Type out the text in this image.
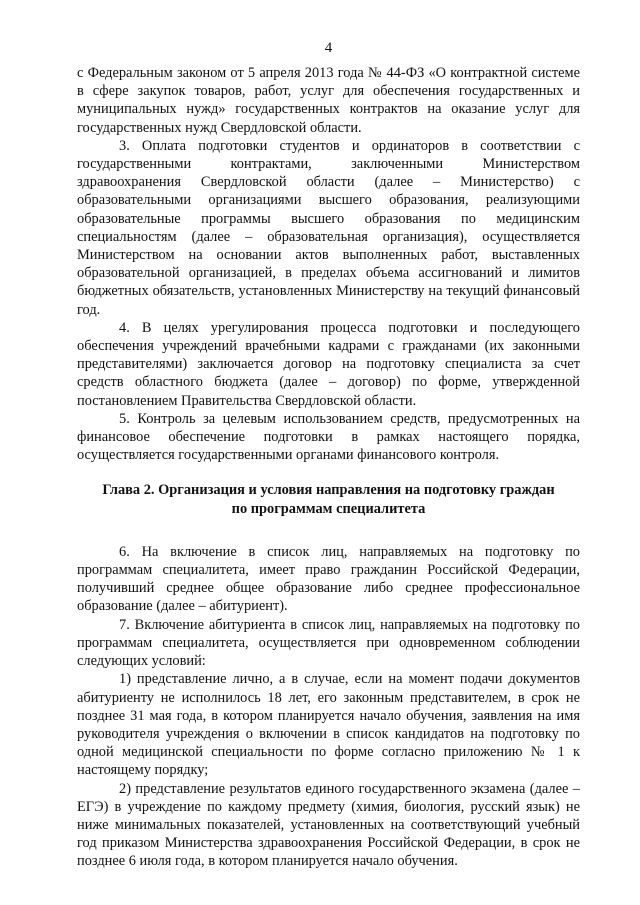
4

с Федеральным законом от 5 апреля 2013 года № 44-ФЗ «О контрактной системе в сфере закупок товаров, работ, услуг для обеспечения государственных и муниципальных нужд» государственных контрактов на оказание услуг для государственных нужд Свердловской области.

3. Оплата подготовки студентов и ординаторов в соответствии с государственными контрактами, заключенными Министерством здравоохранения Свердловской области (далее – Министерство) с образовательными организациями высшего образования, реализующими образовательные программы высшего образования по медицинским специальностям (далее – образовательная организация), осуществляется Министерством на основании актов выполненных работ, выставленных образовательной организацией, в пределах объема ассигнований и лимитов бюджетных обязательств, установленных Министерству на текущий финансовый год.

4. В целях урегулирования процесса подготовки и последующего обеспечения учреждений врачебными кадрами с гражданами (их законными представителями) заключается договор на подготовку специалиста за счет средств областного бюджета (далее – договор) по форме, утвержденной постановлением Правительства Свердловской области.

5. Контроль за целевым использованием средств, предусмотренных на финансовое обеспечение подготовки в рамках настоящего порядка, осуществляется государственными органами финансового контроля.

Глава 2. Организация и условия направления на подготовку граждан
по программам специалитета

6. На включение в список лиц, направляемых на подготовку по программам специалитета, имеет право гражданин Российской Федерации, получивший среднее общее образование либо среднее профессиональное образование (далее – абитуриент).

7. Включение абитуриента в список лиц, направляемых на подготовку по программам специалитета, осуществляется при одновременном соблюдении следующих условий:

1) представление лично, а в случае, если на момент подачи документов абитуриенту не исполнилось 18 лет, его законным представителем, в срок не позднее 31 мая года, в котором планируется начало обучения, заявления на имя руководителя учреждения о включении в список кандидатов на подготовку по одной медицинской специальности по форме согласно приложению № 1 к настоящему порядку;

2) представление результатов единого государственного экзамена (далее – ЕГЭ) в учреждение по каждому предмету (химия, биология, русский язык) не ниже минимальных показателей, установленных на соответствующий учебный год приказом Министерства здравоохранения Российской Федерации, в срок не позднее 6 июля года, в котором планируется начало обучения.
